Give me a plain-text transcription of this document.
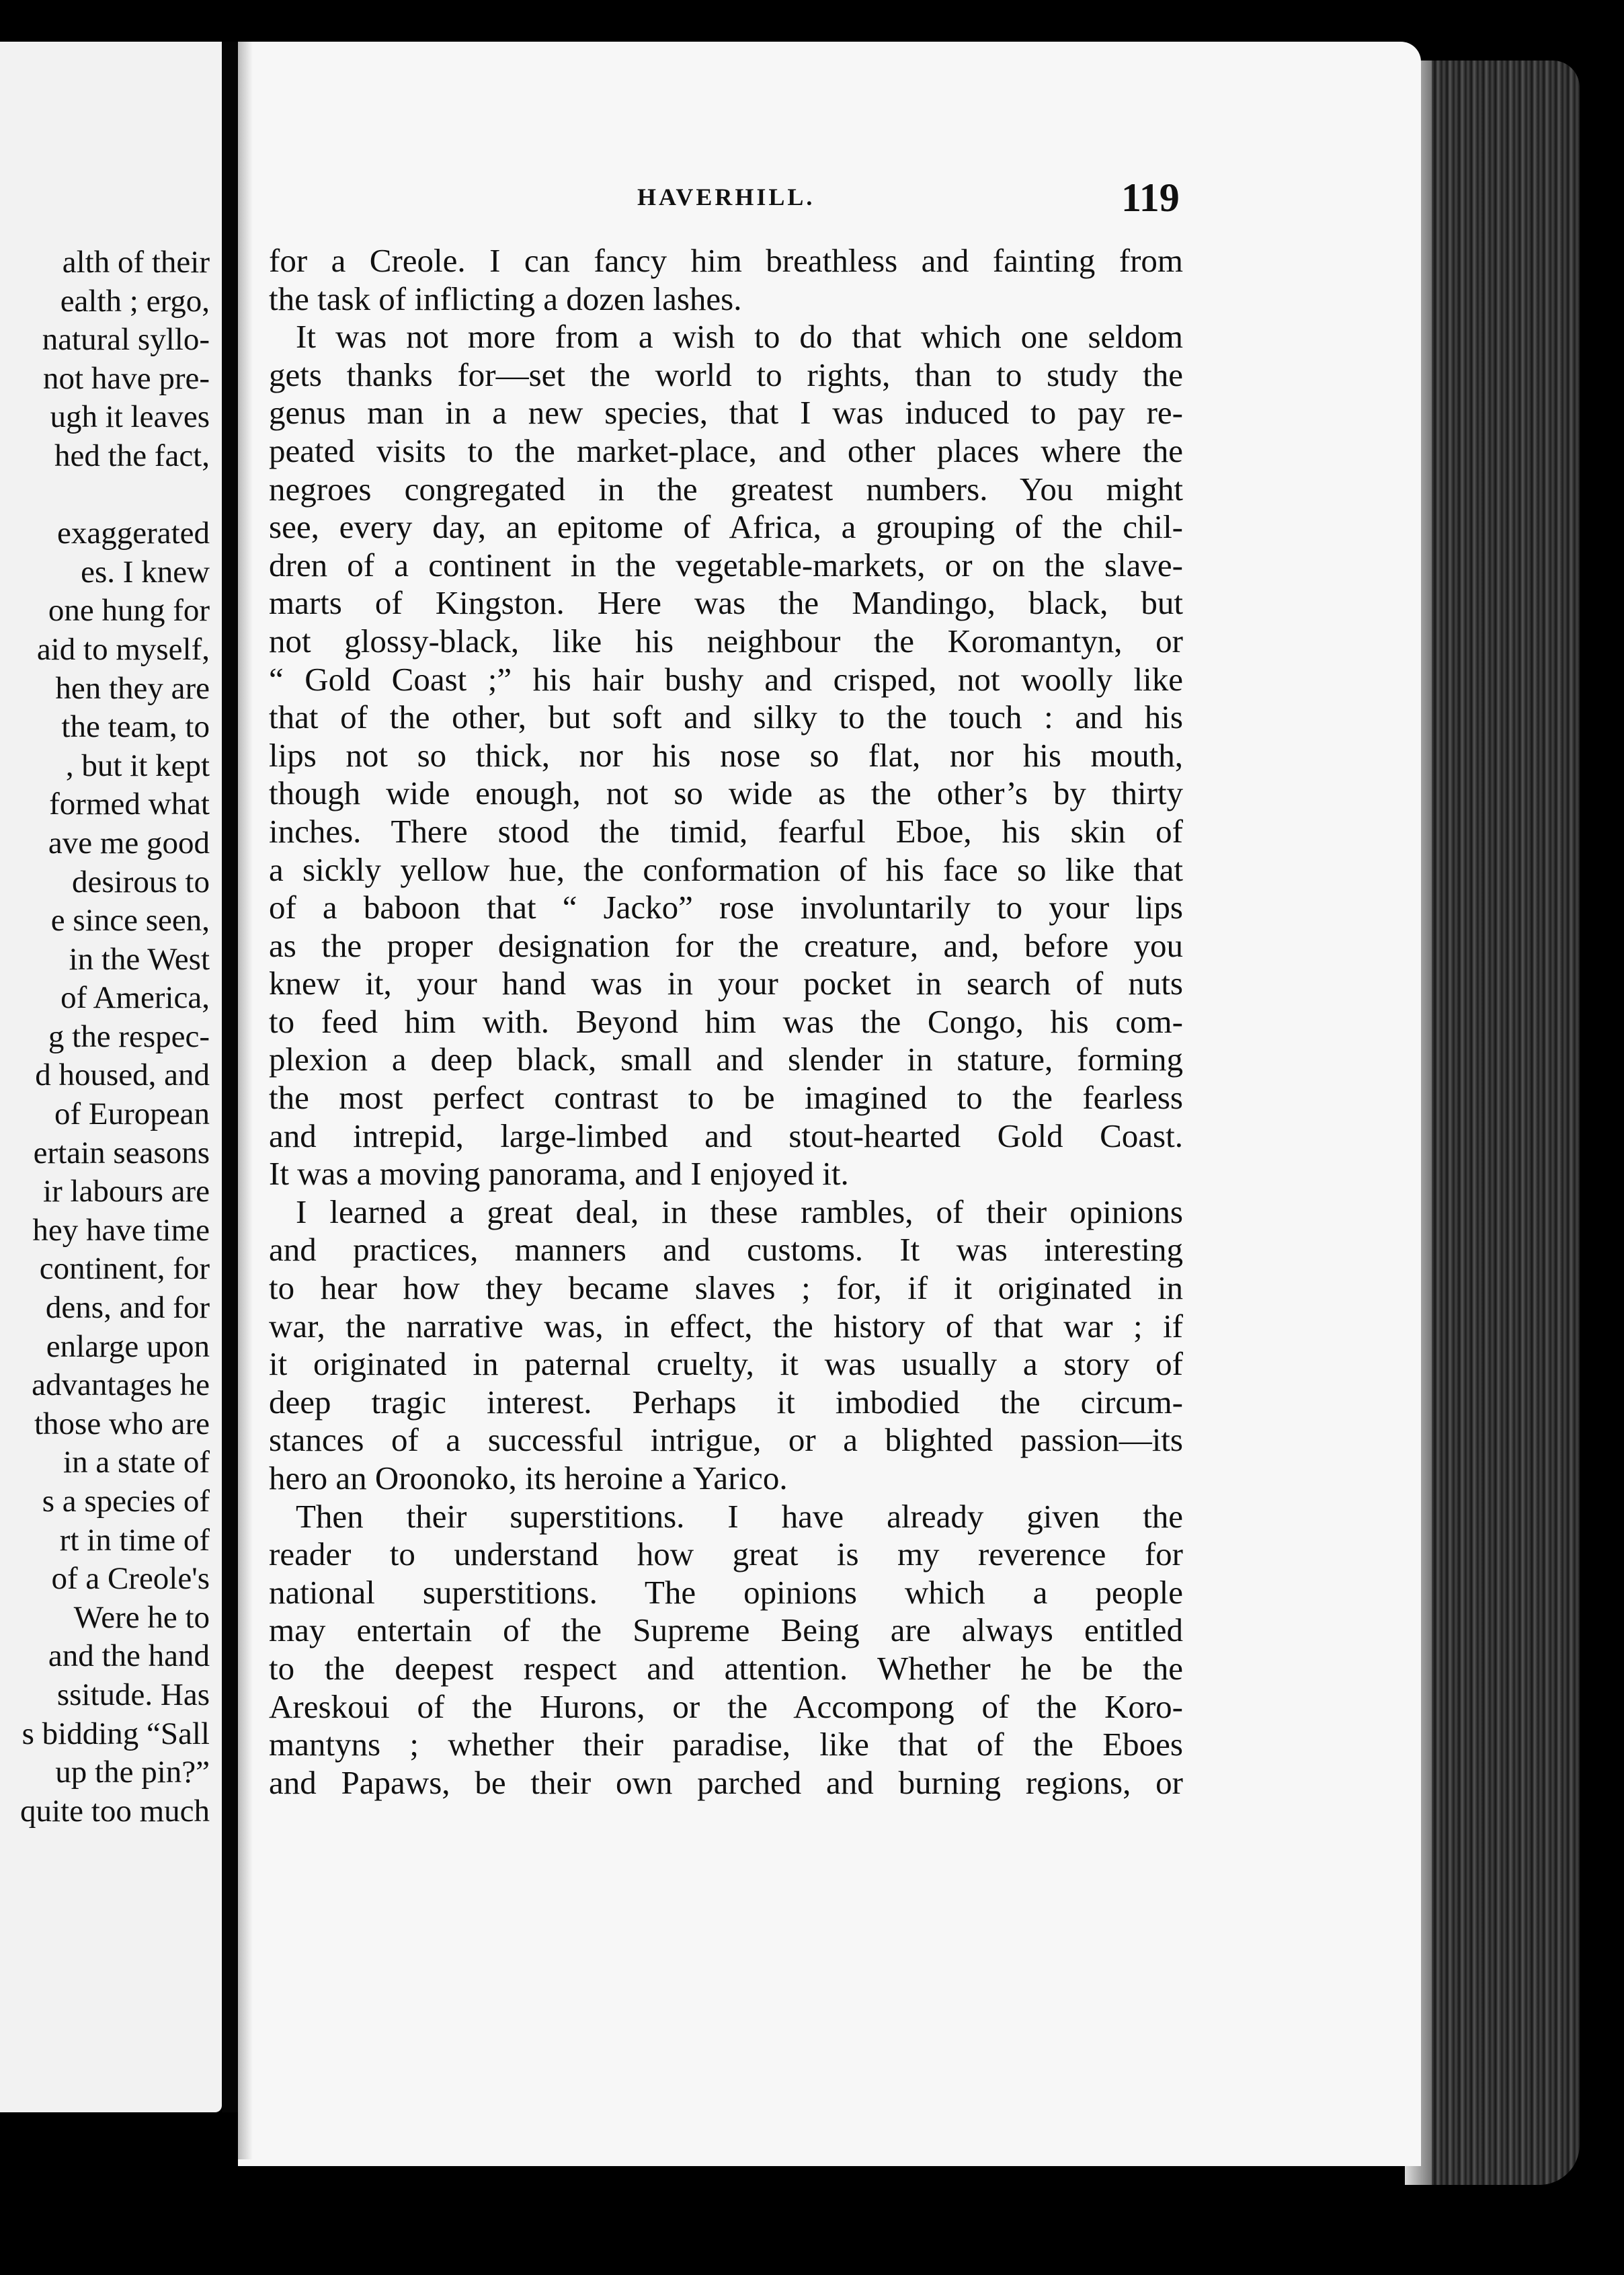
alth of their
ealth ; ergo,
natural syllo-
not have pre-
ugh it leaves
hed the fact,
exaggerated
es. I knew
one hung for
aid to myself,
hen they are
the team, to
, but it kept
formed what
ave me good
desirous to
e since seen,
in the West
of America,
g the respec-
d housed, and
of European
ertain seasons
ir labours are
hey have time
continent, for
dens, and for
enlarge upon
advantages he
those who are
in a state of
s a species of
rt in time of
of a Creole's
Were he to
and the hand
ssitude. Has
s bidding “Sall
up the pin?”
quite too much
HAVERHILL.	119
for a Creole. I can fancy him breathless and fainting from
the task of inflicting a dozen lashes.
It was not more from a wish to do that which one seldom
gets thanks for—set the world to rights, than to study the
genus man in a new species, that I was induced to pay re-
peated visits to the market-place, and other places where the
negroes congregated in the greatest numbers. You might
see, every day, an epitome of Africa, a grouping of the chil-
dren of a continent in the vegetable-markets, or on the slave-
marts of Kingston. Here was the Mandingo, black, but
not glossy-black, like his neighbour the Koromantyn, or
“ Gold Coast ;” his hair bushy and crisped, not woolly like
that of the other, but soft and silky to the touch : and his
lips not so thick, nor his nose so flat, nor his mouth,
though wide enough, not so wide as the other’s by thirty
inches. There stood the timid, fearful Eboe, his skin of
a sickly yellow hue, the conformation of his face so like that
of a baboon that “ Jacko” rose involuntarily to your lips
as the proper designation for the creature, and, before you
knew it, your hand was in your pocket in search of nuts
to feed him with. Beyond him was the Congo, his com-
plexion a deep black, small and slender in stature, forming
the most perfect contrast to be imagined to the fearless
and intrepid, large-limbed and stout-hearted Gold Coast.
It was a moving panorama, and I enjoyed it.
I learned a great deal, in these rambles, of their opinions
and practices, manners and customs. It was interesting
to hear how they became slaves ; for, if it originated in
war, the narrative was, in effect, the history of that war ; if
it originated in paternal cruelty, it was usually a story of
deep tragic interest. Perhaps it imbodied the circum-
stances of a successful intrigue, or a blighted passion—its
hero an Oroonoko, its heroine a Yarico.
Then their superstitions. I have already given the
reader to understand how great is my reverence for
national superstitions. The opinions which a people
may entertain of the Supreme Being are always entitled
to the deepest respect and attention. Whether he be the
Areskoui of the Hurons, or the Accompong of the Koro-
mantyns ; whether their paradise, like that of the Eboes
and Papaws, be their own parched and burning regions, or
